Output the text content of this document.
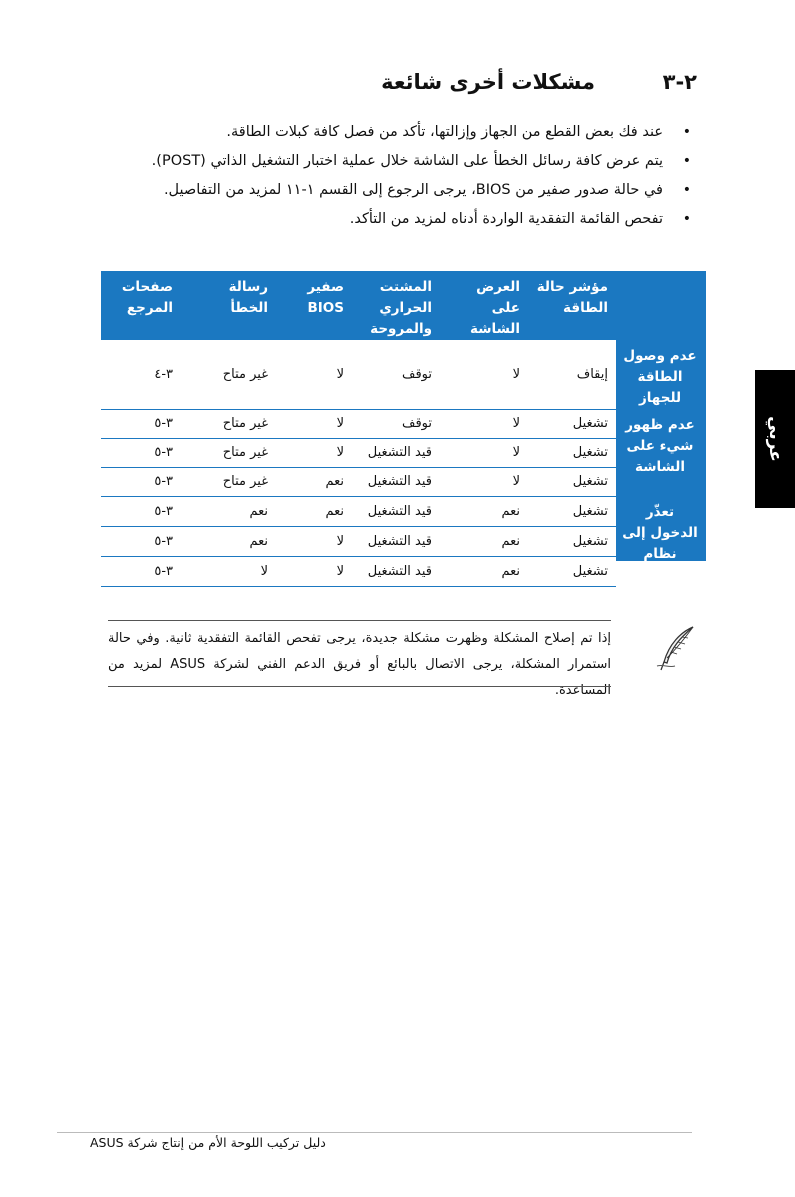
٢-٣
مشكلات أخرى شائعة
•
عند فك بعض القطع من الجهاز وإزالتها، تأكد من فصل كافة كبلات الطاقة.
•
يتم عرض كافة رسائل الخطأ على الشاشة خلال عملية اختبار التشغيل الذاتي (POST).
•
في حالة صدور صفير من BIOS، يرجى الرجوع إلى القسم ١-١١ لمزيد من التفاصيل.
•
تفحص القائمة التفقدية الواردة أدناه لمزيد من التأكد.
	مؤشر حالة الطاقة	العرض على الشاشة	المشتت الحراري والمروحة	صفير BIOS	رسالة الخطأ	صفحات المرجع
عدم وصول الطاقة للجهاز	إيقاف	لا	توقف	لا	غير متاح	٣-٤
عدم ظهور شيء على الشاشة	تشغيل	لا	توقف	لا	غير متاح	٣-٥
	تشغيل	لا	قيد التشغيل	لا	غير متاح	٣-٥
	تشغيل	لا	قيد التشغيل	نعم	غير متاح	٣-٥
تعذّر الدخول إلى نظام التشغيل	تشغيل	نعم	قيد التشغيل	نعم	نعم	٣-٥
	تشغيل	نعم	قيد التشغيل	لا	نعم	٣-٥
	تشغيل	نعم	قيد التشغيل	لا	لا	٣-٥
عربي
إذا تم إصلاح المشكلة وظهرت مشكلة جديدة، يرجى تفحص القائمة التفقدية ثانية. وفي حالة استمرار المشكلة، يرجى الاتصال بالبائع أو فريق الدعم الفني لشركة ASUS لمزيد من المساعدة.
دليل تركيب اللوحة الأم من إنتاج شركة ASUS
